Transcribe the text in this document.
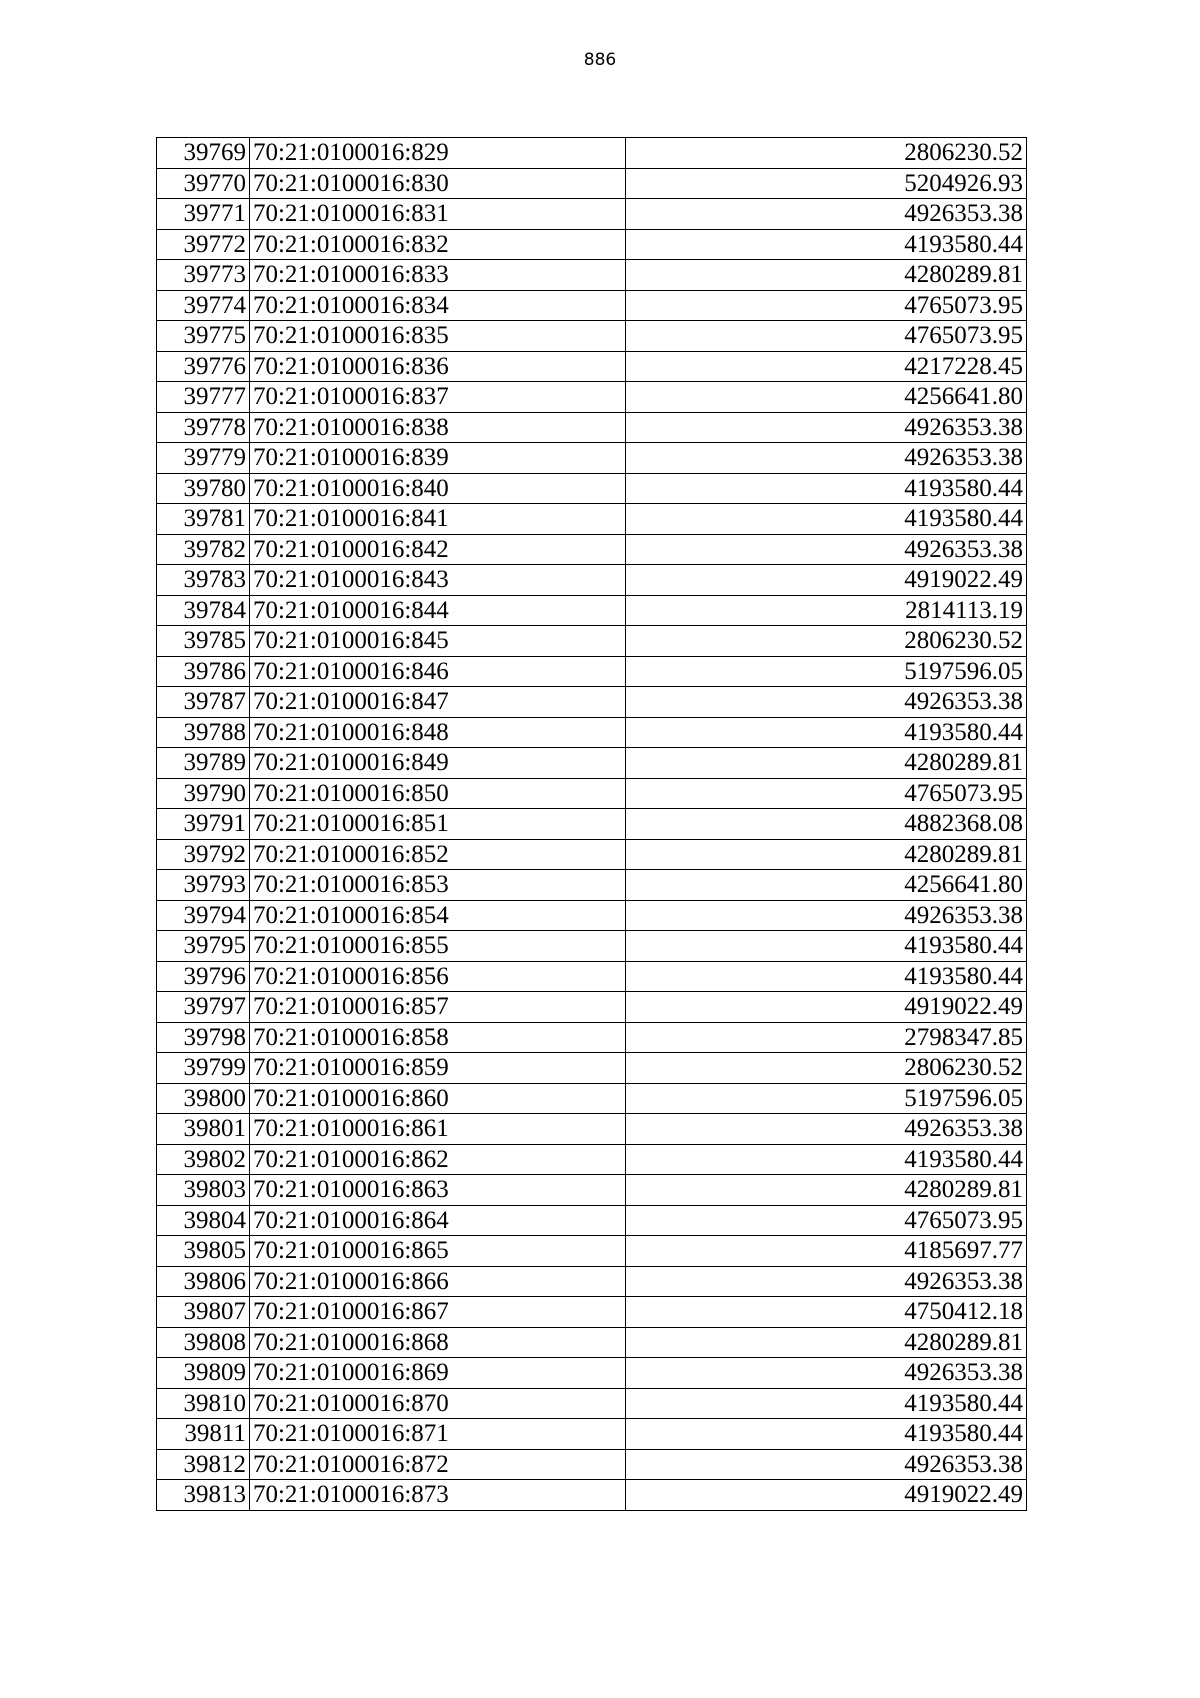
886
39769	70:21:0100016:829	2806230.52
39770	70:21:0100016:830	5204926.93
39771	70:21:0100016:831	4926353.38
39772	70:21:0100016:832	4193580.44
39773	70:21:0100016:833	4280289.81
39774	70:21:0100016:834	4765073.95
39775	70:21:0100016:835	4765073.95
39776	70:21:0100016:836	4217228.45
39777	70:21:0100016:837	4256641.80
39778	70:21:0100016:838	4926353.38
39779	70:21:0100016:839	4926353.38
39780	70:21:0100016:840	4193580.44
39781	70:21:0100016:841	4193580.44
39782	70:21:0100016:842	4926353.38
39783	70:21:0100016:843	4919022.49
39784	70:21:0100016:844	2814113.19
39785	70:21:0100016:845	2806230.52
39786	70:21:0100016:846	5197596.05
39787	70:21:0100016:847	4926353.38
39788	70:21:0100016:848	4193580.44
39789	70:21:0100016:849	4280289.81
39790	70:21:0100016:850	4765073.95
39791	70:21:0100016:851	4882368.08
39792	70:21:0100016:852	4280289.81
39793	70:21:0100016:853	4256641.80
39794	70:21:0100016:854	4926353.38
39795	70:21:0100016:855	4193580.44
39796	70:21:0100016:856	4193580.44
39797	70:21:0100016:857	4919022.49
39798	70:21:0100016:858	2798347.85
39799	70:21:0100016:859	2806230.52
39800	70:21:0100016:860	5197596.05
39801	70:21:0100016:861	4926353.38
39802	70:21:0100016:862	4193580.44
39803	70:21:0100016:863	4280289.81
39804	70:21:0100016:864	4765073.95
39805	70:21:0100016:865	4185697.77
39806	70:21:0100016:866	4926353.38
39807	70:21:0100016:867	4750412.18
39808	70:21:0100016:868	4280289.81
39809	70:21:0100016:869	4926353.38
39810	70:21:0100016:870	4193580.44
39811	70:21:0100016:871	4193580.44
39812	70:21:0100016:872	4926353.38
39813	70:21:0100016:873	4919022.49
